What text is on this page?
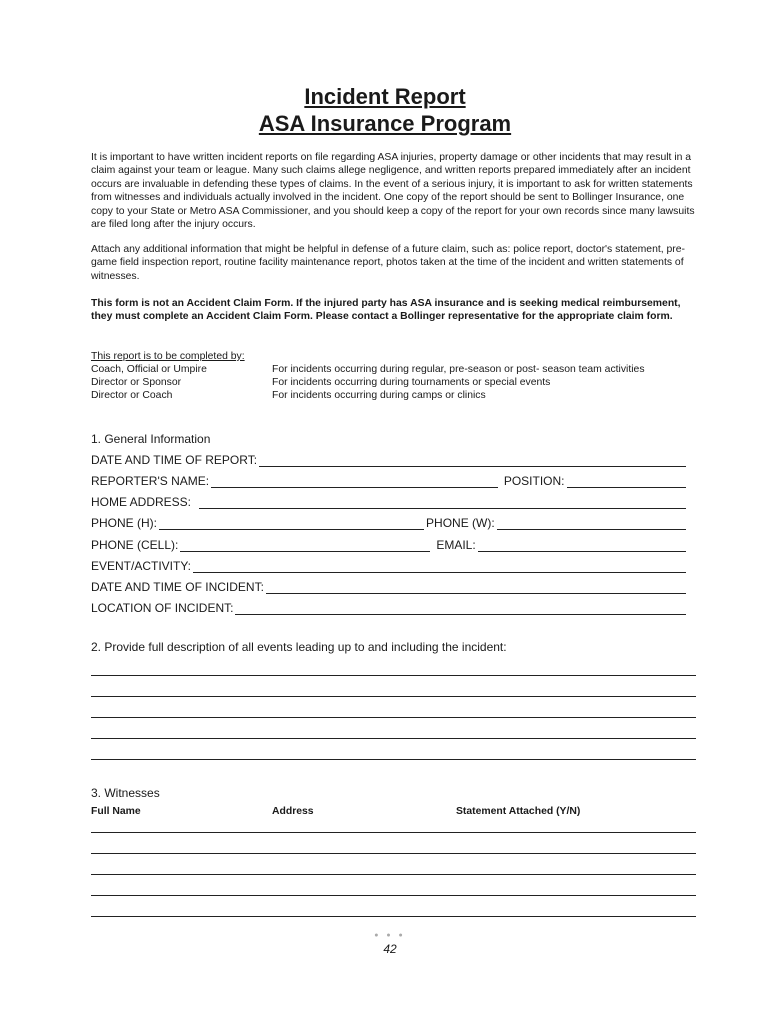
Incident Report
ASA Insurance Program
It is important to have written incident reports on file regarding ASA injuries, property damage or other incidents that may result in a claim against your team or league. Many such claims allege negligence, and written reports prepared immediately after an incident occurs are invaluable in defending these types of claims. In the event of a serious injury, it is important to ask for written statements from witnesses and individuals actually involved in the incident. One copy of the report should be sent to Bollinger Insurance, one copy to your State or Metro ASA Commissioner, and you should keep a copy of the report for your own records since many lawsuits are filed long after the injury occurs.
Attach any additional information that might be helpful in defense of a future claim, such as: police report, doctor's statement, pre-game field inspection report, routine facility maintenance report, photos taken at the time of the incident and written statements of witnesses.
This form is not an Accident Claim Form. If the injured party has ASA insurance and is seeking medical reimbursement, they must complete an Accident Claim Form. Please contact a Bollinger representative for the appropriate claim form.
This report is to be completed by:
Coach, Official or Umpire	For incidents occurring during regular, pre-season or post- season team activities
Director or Sponsor	For incidents occurring during tournaments or special events
Director or Coach	For incidents occurring during camps or clinics
1. General Information
DATE AND TIME OF REPORT:
REPORTER'S NAME:	POSITION:
HOME ADDRESS:
PHONE (H):	PHONE (W):
PHONE (CELL):	EMAIL:
EVENT/ACTIVITY:
DATE AND TIME OF INCIDENT:
LOCATION OF INCIDENT:
2. Provide full description of all events leading up to and including the incident:
3. Witnesses
Full Name	Address	Statement Attached (Y/N)
● ● ●
42
